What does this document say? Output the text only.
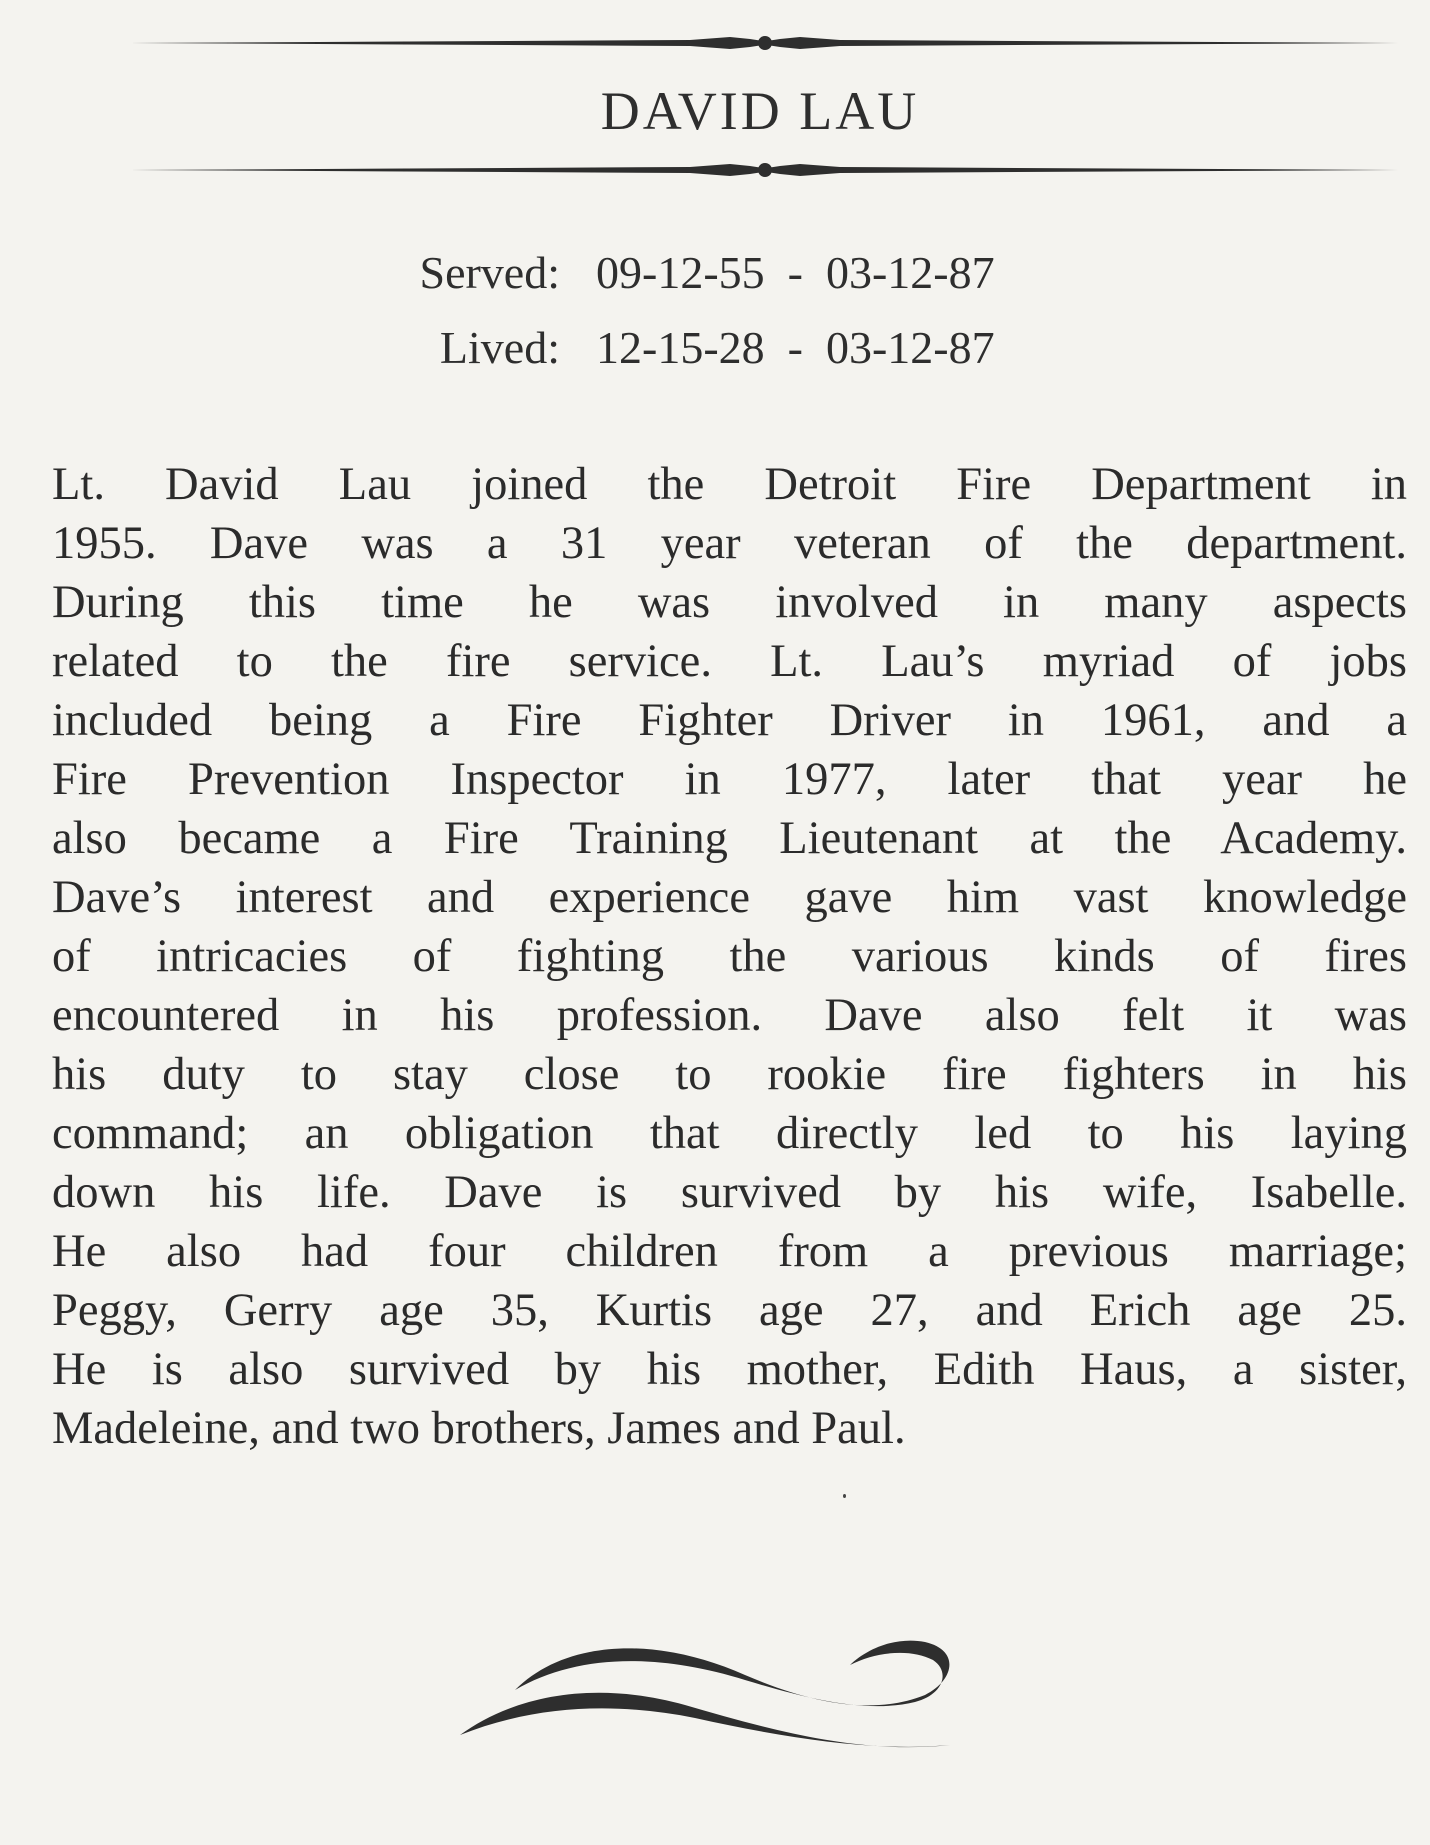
DAVID LAU
Served: 09-12-55  -  03-12-87
Lived: 12-15-28  -  03-12-87
Lt. David Lau joined the Detroit Fire Department in
1955. Dave was a 31 year veteran of the department.
During this time he was involved in many aspects
related to the fire service. Lt. Lau’s myriad of jobs
included being a Fire Fighter Driver in 1961, and a
Fire Prevention Inspector in 1977, later that year he
also became a Fire Training Lieutenant at the Academy.
Dave’s interest and experience gave him vast knowledge
of intricacies of fighting the various kinds of fires
encountered in his profession. Dave also felt it was
his duty to stay close to rookie fire fighters in his
command; an obligation that directly led to his laying
down his life. Dave is survived by his wife, Isabelle.
He also had four children from a previous marriage;
Peggy, Gerry age 35, Kurtis age 27, and Erich age 25.
He is also survived by his mother, Edith Haus, a sister,
Madeleine, and two brothers, James and Paul.
